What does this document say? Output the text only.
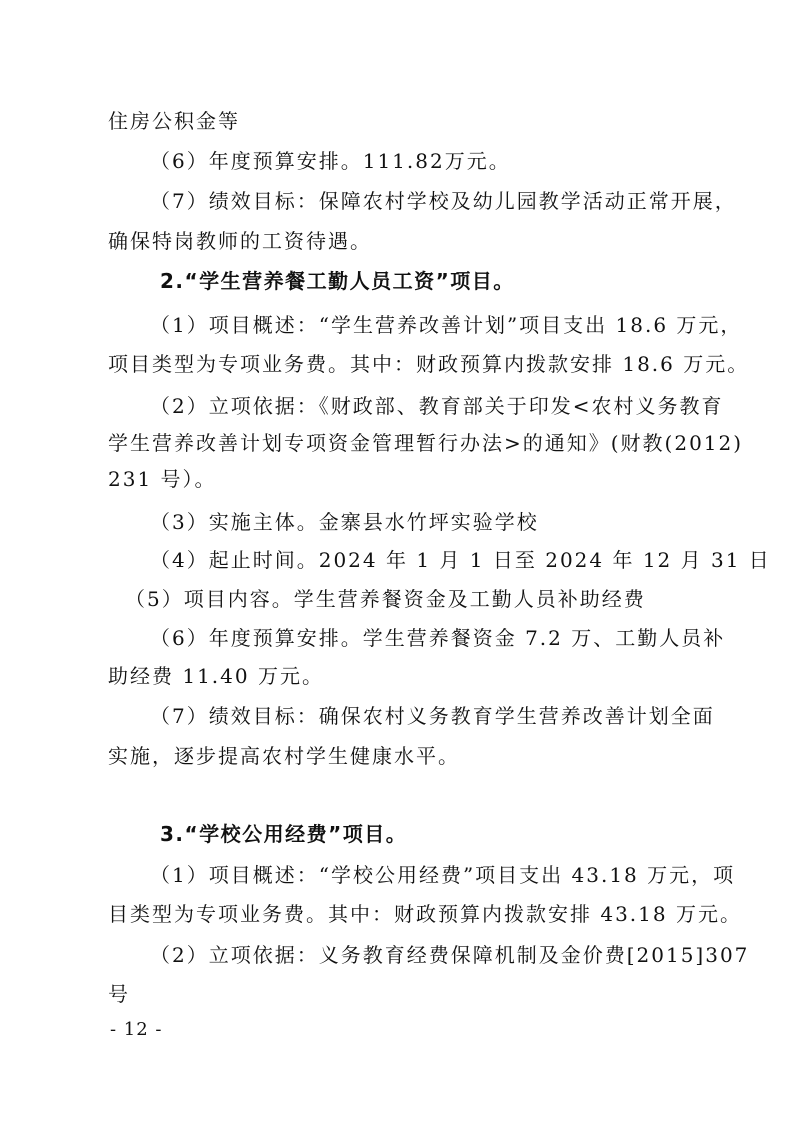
住房公积金等
（6）年度预算安排。111.82万元。
（7）绩效目标：保障农村学校及幼儿园教学活动正常开展，
确保特岗教师的工资待遇。
2.“学生营养餐工勤人员工资”项目。
（1）项目概述：“学生营养改善计划”项目支出 18.6 万元，
项目类型为专项业务费。其中：财政预算内拨款安排 18.6 万元。
（2）立项依据：《财政部、教育部关于印发<农村义务教育
学生营养改善计划专项资金管理暂行办法>的通知》(财教(2012)
231 号）。
（3）实施主体。金寨县水竹坪实验学校
（4）起止时间。2024 年 1 月 1 日至 2024 年 12 月 31 日
（5）项目内容。学生营养餐资金及工勤人员补助经费
（6）年度预算安排。学生营养餐资金 7.2 万、工勤人员补
助经费 11.40 万元。
（7）绩效目标：确保农村义务教育学生营养改善计划全面
实施，逐步提高农村学生健康水平。
3.“学校公用经费”项目。
（1）项目概述：“学校公用经费”项目支出 43.18 万元，项
目类型为专项业务费。其中：财政预算内拨款安排 43.18 万元。
（2）立项依据：义务教育经费保障机制及金价费[2015]307
号
- 12 -
